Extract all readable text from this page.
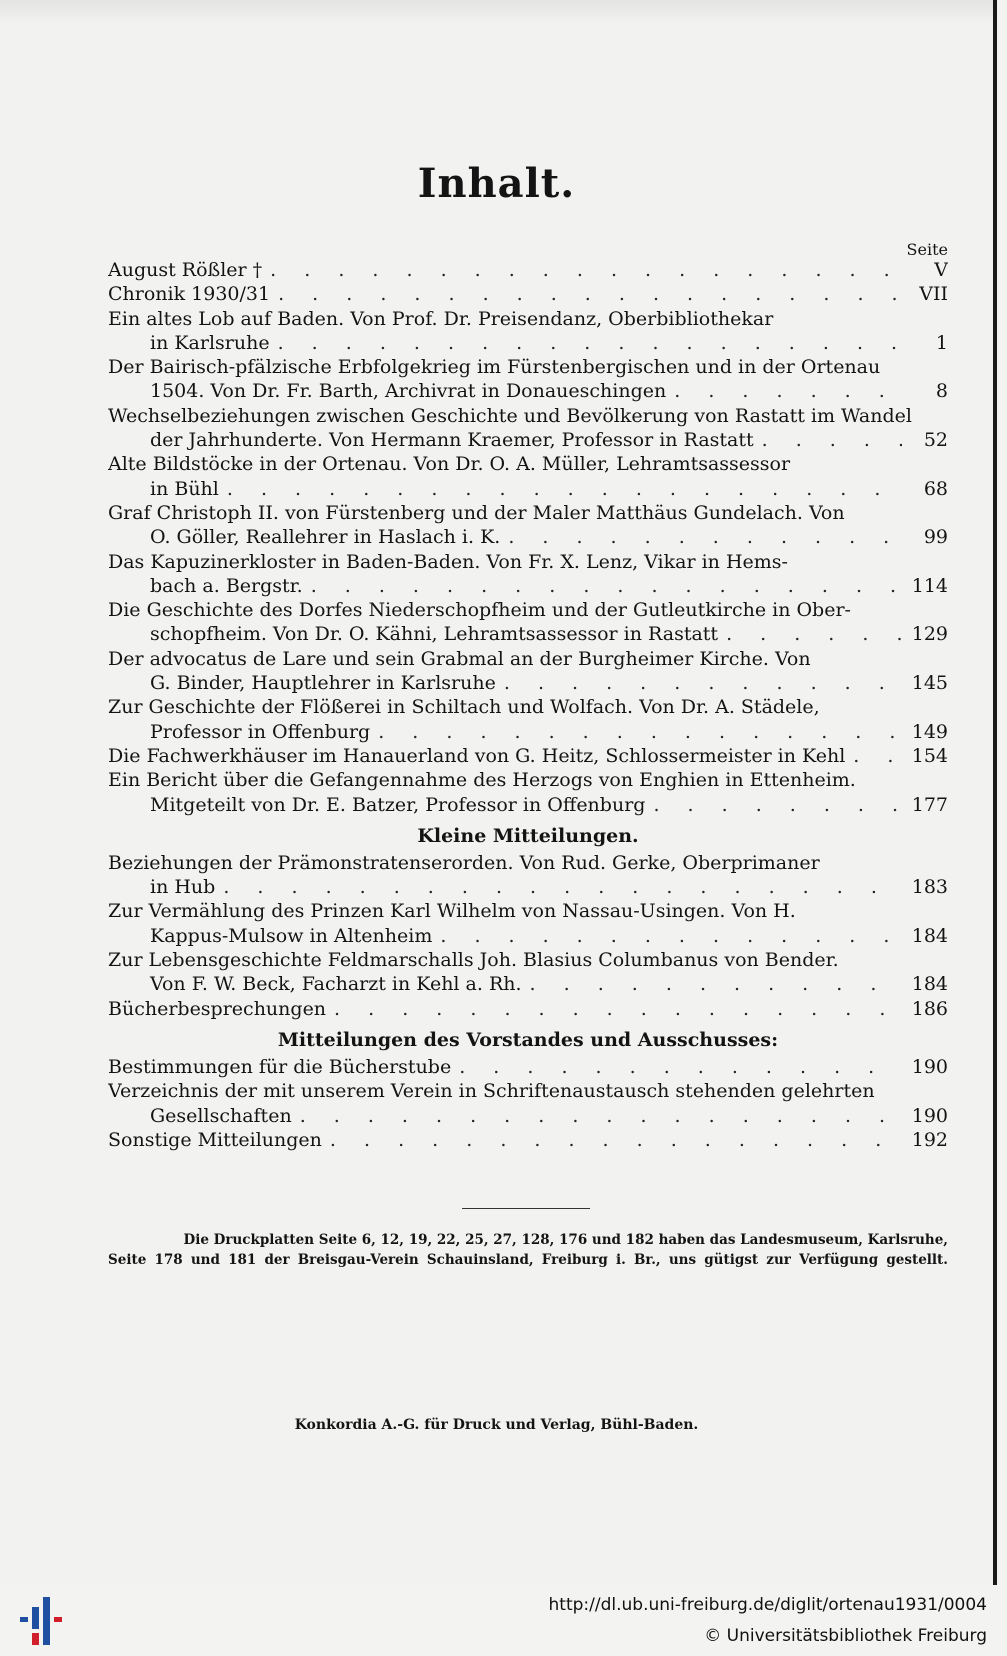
Inhalt.
Seite
August Rößler † . . .	V
Chronik 1930/31 . . .	VII
Ein altes Lob auf Baden. Von Prof. Dr. Preisendanz, Oberbibliothekar
in Karlsruhe . . .	1
Der Bairisch-pfälzische Erbfolgekrieg im Fürstenbergischen und in der Ortenau
1504. Von Dr. Fr. Barth, Archivrat in Donaueschingen . . .	8
Wechselbeziehungen zwischen Geschichte und Bevölkerung von Rastatt im Wandel
der Jahrhunderte. Von Hermann Kraemer, Professor in Rastatt . . .	52
Alte Bildstöcke in der Ortenau. Von Dr. O. A. Müller, Lehramtsassessor
in Bühl . . .	68
Graf Christoph II. von Fürstenberg und der Maler Matthäus Gundelach. Von
O. Göller, Reallehrer in Haslach i. K. . . .	99
Das Kapuzinerkloster in Baden-Baden. Von Fr. X. Lenz, Vikar in Hems-
bach a. Bergstr. . . .	114
Die Geschichte des Dorfes Niederschopfheim und der Gutleutkirche in Ober-
schopfheim. Von Dr. O. Kähni, Lehramtsassessor in Rastatt . . .	129
Der advocatus de Lare und sein Grabmal an der Burgheimer Kirche. Von
G. Binder, Hauptlehrer in Karlsruhe . . .	145
Zur Geschichte der Flößerei in Schiltach und Wolfach. Von Dr. A. Städele,
Professor in Offenburg . . .	149
Die Fachwerkhäuser im Hanauerland von G. Heitz, Schlossermeister in Kehl . . .	154
Ein Bericht über die Gefangennahme des Herzogs von Enghien in Ettenheim.
Mitgeteilt von Dr. E. Batzer, Professor in Offenburg . . .	177
Kleine Mitteilungen.
Beziehungen der Prämonstratenserorden. Von Rud. Gerke, Oberprimaner
in Hub . . .	183
Zur Vermählung des Prinzen Karl Wilhelm von Nassau-Usingen. Von H.
Kappus-Mulsow in Altenheim . . .	184
Zur Lebensgeschichte Feldmarschalls Joh. Blasius Columbanus von Bender.
Von F. W. Beck, Facharzt in Kehl a. Rh. . . .	184
Bücherbesprechungen . . .	186
Mitteilungen des Vorstandes und Ausschusses:
Bestimmungen für die Bücherstube . . .	190
Verzeichnis der mit unserem Verein in Schriftenaustausch stehenden gelehrten
Gesellschaften . . .	190
Sonstige Mitteilungen . . .	192
Die Druckplatten Seite 6, 12, 19, 22, 25, 27, 128, 176 und 182 haben das Landesmuseum, Karlsruhe,
Seite 178 und 181 der Breisgau-Verein Schauinsland, Freiburg i. Br., uns gütigst zur Verfügung gestellt.
Konkordia A.-G. für Druck und Verlag, Bühl-Baden.
http://dl.ub.uni-freiburg.de/diglit/ortenau1931/0004
© Universitätsbibliothek Freiburg
